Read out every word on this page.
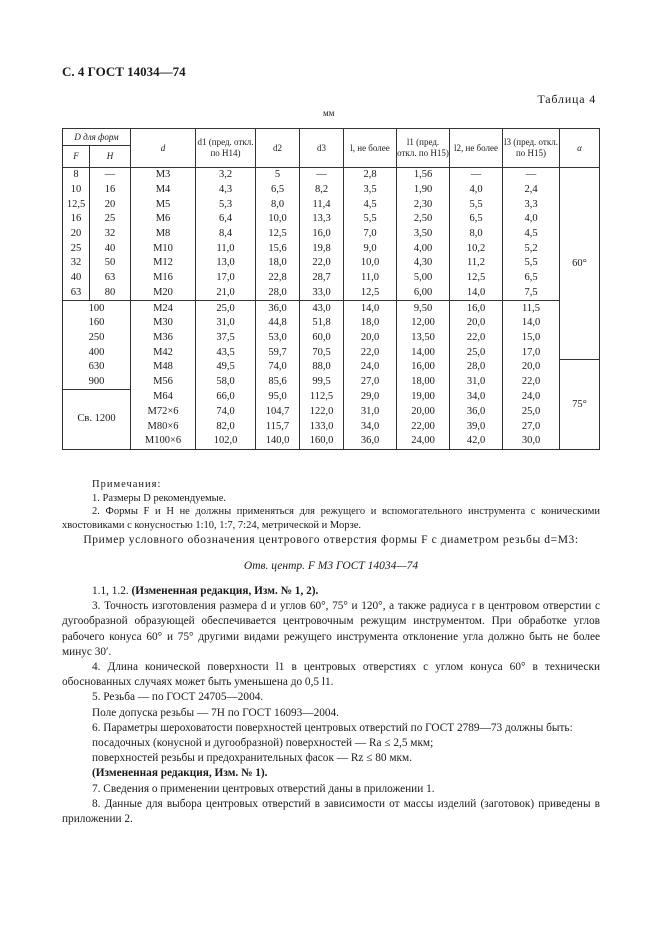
С. 4 ГОСТ 14034—74
Таблица 4
мм
D для форм		d	d1 (пред. откл. по H14)	d2	d3	l, не более	l1 (пред. откл. по H15)	l2, не более	l3 (пред. откл. по H15)	α
F	H									
8	—	M3	3,2	5	—	2,8	1,56	—	—	60°
10	16	M4	4,3	6,5	8,2	3,5	1,90	4,0	2,4	
12,5	20	M5	5,3	8,0	11,4	4,5	2,30	5,5	3,3	
16	25	M6	6,4	10,0	13,3	5,5	2,50	6,5	4,0	
20	32	M8	8,4	12,5	16,0	7,0	3,50	8,0	4,5	
25	40	M10	11,0	15,6	19,8	9,0	4,00	10,2	5,2	
32	50	M12	13,0	18,0	22,0	10,0	4,30	11,2	5,5	
40	63	M16	17,0	22,8	28,7	11,0	5,00	12,5	6,5	
63	80	M20	21,0	28,0	33,0	12,5	6,00	14,0	7,5	
100		M24	25,0	36,0	43,0	14,0	9,50	16,0	11,5	
160		M30	31,0	44,8	51,8	18,0	12,00	20,0	14,0	
250		M36	37,5	53,0	60,0	20,0	13,50	22,0	15,0	
400		M42	43,5	59,7	70,5	22,0	14,00	25,0	17,0	
630		M48	49,5	74,0	88,0	24,0	16,00	28,0	20,0	75°
900		M56	58,0	85,6	99,5	27,0	18,00	31,0	22,0	
Св. 1200		M64	66,0	95,0	112,5	29,0	19,00	34,0	24,0	
		M72×6	74,0	104,7	122,0	31,0	20,00	36,0	25,0	
		M80×6	82,0	115,7	133,0	34,0	22,00	39,0	27,0	
		M100×6	102,0	140,0	160,0	36,0	24,00	42,0	30,0	

Примечания:

1. Размеры D рекомендуемые.

2. Формы F и H не должны применяться для режущего и вспомогательного инструмента с коническими хвостовиками с конусностью 1:10, 1:7, 7:24, метрической и Морзе.

Пример условного обозначения центрового отверстия формы F с диаметром резьбы d=M3:
Отв. центр. F M3 ГОСТ 14034—74

1.1, 1.2. (Измененная редакция, Изм. № 1, 2).

3. Точность изготовления размера d и углов 60°, 75° и 120°, а также радиуса r в центровом отверстии с дугообразной образующей обеспечивается центровочным режущим инструментом. При обработке углов рабочего конуса 60° и 75° другими видами режущего инструмента отклонение угла должно быть не более минус 30′.

4. Длина конической поверхности l1 в центровых отверстиях с углом конуса 60° в технически обоснованных случаях может быть уменьшена до 0,5 l1.

5. Резьба — по ГОСТ 24705—2004.

Поле допуска резьбы — 7H по ГОСТ 16093—2004.

6. Параметры шероховатости поверхностей центровых отверстий по ГОСТ 2789—73 должны быть:

посадочных (конусной и дугообразной) поверхностей — Ra ≤ 2,5 мкм;

поверхностей резьбы и предохранительных фасок — Rz ≤ 80 мкм.

(Измененная редакция, Изм. № 1).

7. Сведения о применении центровых отверстий даны в приложении 1.

8. Данные для выбора центровых отверстий в зависимости от массы изделий (заготовок) приведены в приложении 2.
